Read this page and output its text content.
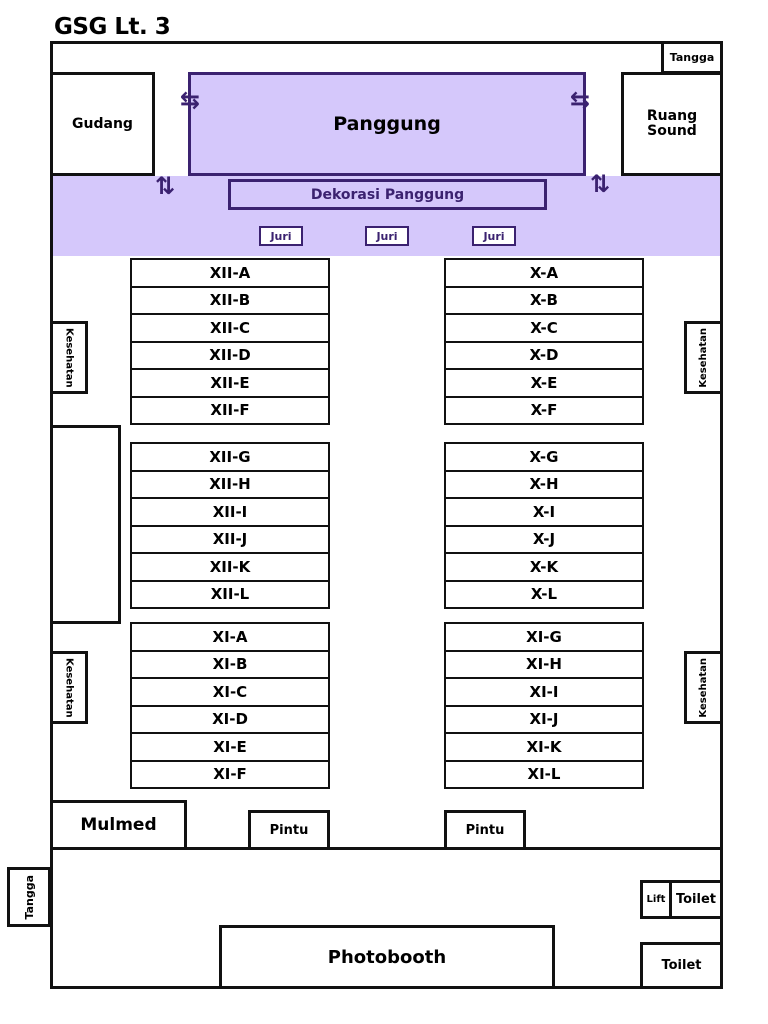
GSG Lt. 3
Tangga
Gudang	Panggung	Ruang Sound
⇆	⇆
⇅	⇅
Dekorasi Panggung
Juri	Juri	Juri
Kesehatan
Kesehatan
Kesehatan
Kesehatan
XII-A
XII-B
XII-C
XII-D
XII-E
XII-F
XII-G
XII-H
XII-I
XII-J
XII-K
XII-L
XI-A
XI-B
XI-C
XI-D
XI-E
XI-F
X-A
X-B
X-C
X-D
X-E
X-F
X-G
X-H
X-I
X-J
X-K
X-L
XI-G
XI-H
XI-I
XI-J
XI-K
XI-L
Mulmed	Pintu	Pintu
Tangga	Lift Toilet
Toilet
Photobooth
